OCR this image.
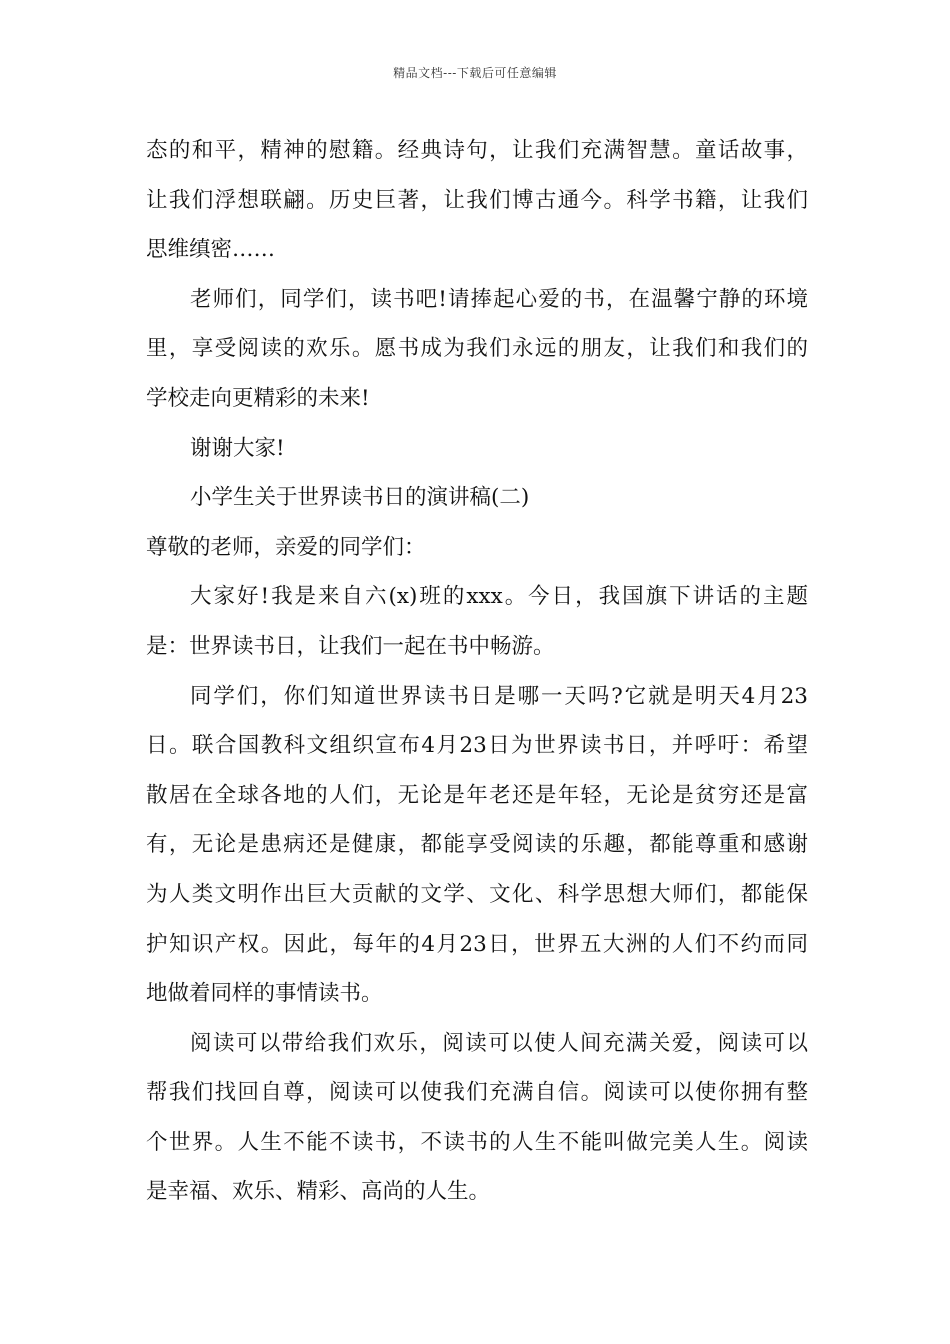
精品文档---下载后可任意编辑
态的和平，精神的慰籍。经典诗句，让我们充满智慧。童话故事，
让我们浮想联翩。历史巨著，让我们博古通今。科学书籍，让我们
思维缜密……
老师们，同学们，读书吧!请捧起心爱的书，在温馨宁静的环境
里，享受阅读的欢乐。愿书成为我们永远的朋友，让我们和我们的
学校走向更精彩的未来!
谢谢大家!
小学生关于世界读书日的演讲稿(二)
尊敬的老师，亲爱的同学们：
大家好!我是来自六(x)班的xxx。今日，我国旗下讲话的主题
是：世界读书日，让我们一起在书中畅游。
同学们，你们知道世界读书日是哪一天吗?它就是明天4月23
日。联合国教科文组织宣布4月23日为世界读书日，并呼吁：希望
散居在全球各地的人们，无论是年老还是年轻，无论是贫穷还是富
有，无论是患病还是健康，都能享受阅读的乐趣，都能尊重和感谢
为人类文明作出巨大贡献的文学、文化、科学思想大师们，都能保
护知识产权。因此，每年的4月23日，世界五大洲的人们不约而同
地做着同样的事情读书。
阅读可以带给我们欢乐，阅读可以使人间充满关爱，阅读可以
帮我们找回自尊，阅读可以使我们充满自信。阅读可以使你拥有整
个世界。人生不能不读书，不读书的人生不能叫做完美人生。阅读
是幸福、欢乐、精彩、高尚的人生。
